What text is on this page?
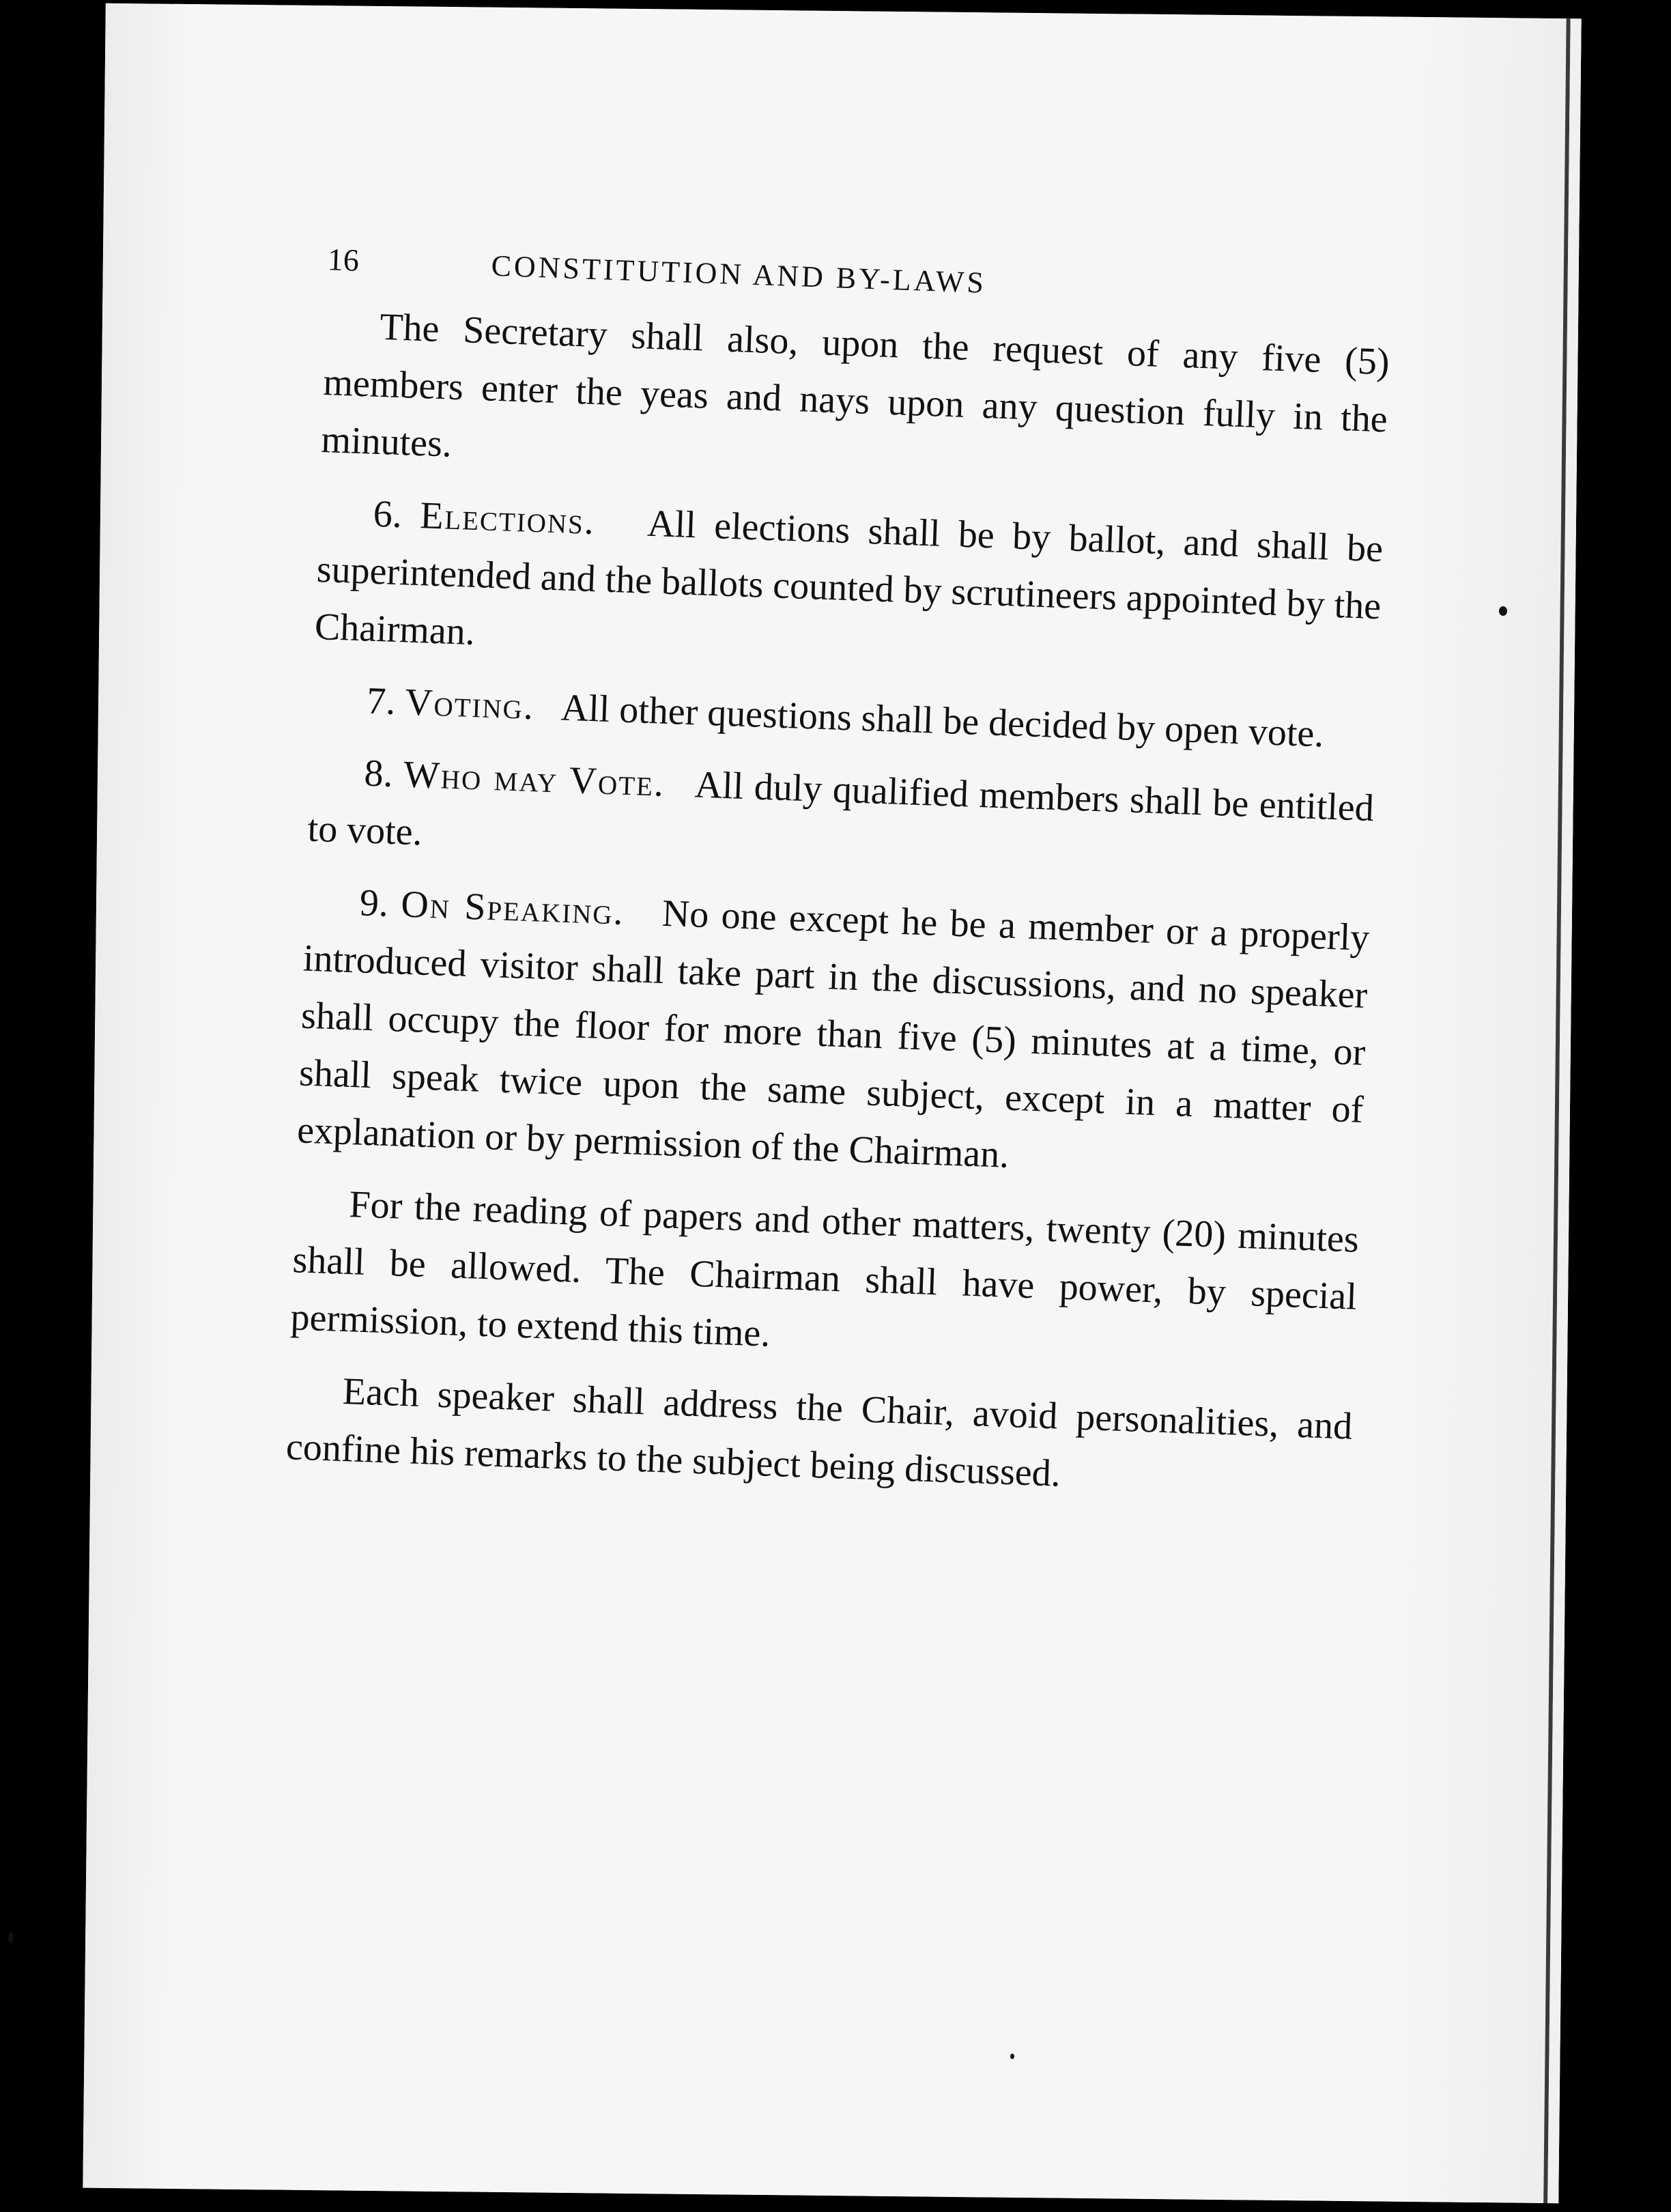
16	CONSTITUTION AND BY-LAWS

The Secretary shall also, upon the request of any five (5) members enter the yeas and nays upon any question fully in the minutes.

6. Elections. All elections shall be by ballot, and shall be superintended and the ballots counted by scrutineers appointed by the Chairman.

7. Voting. All other questions shall be decided by open vote.

8. Who may Vote. All duly qualified members shall be entitled to vote.

9. On Speaking. No one except he be a member or a properly introduced visitor shall take part in the discussions, and no speaker shall occupy the floor for more than five (5) minutes at a time, or shall speak twice upon the same subject, except in a matter of explanation or by permission of the Chairman.

For the reading of papers and other matters, twenty (20) minutes shall be allowed. The Chairman shall have power, by special permission, to extend this time.

Each speaker shall address the Chair, avoid personalities, and confine his remarks to the subject being discussed.
